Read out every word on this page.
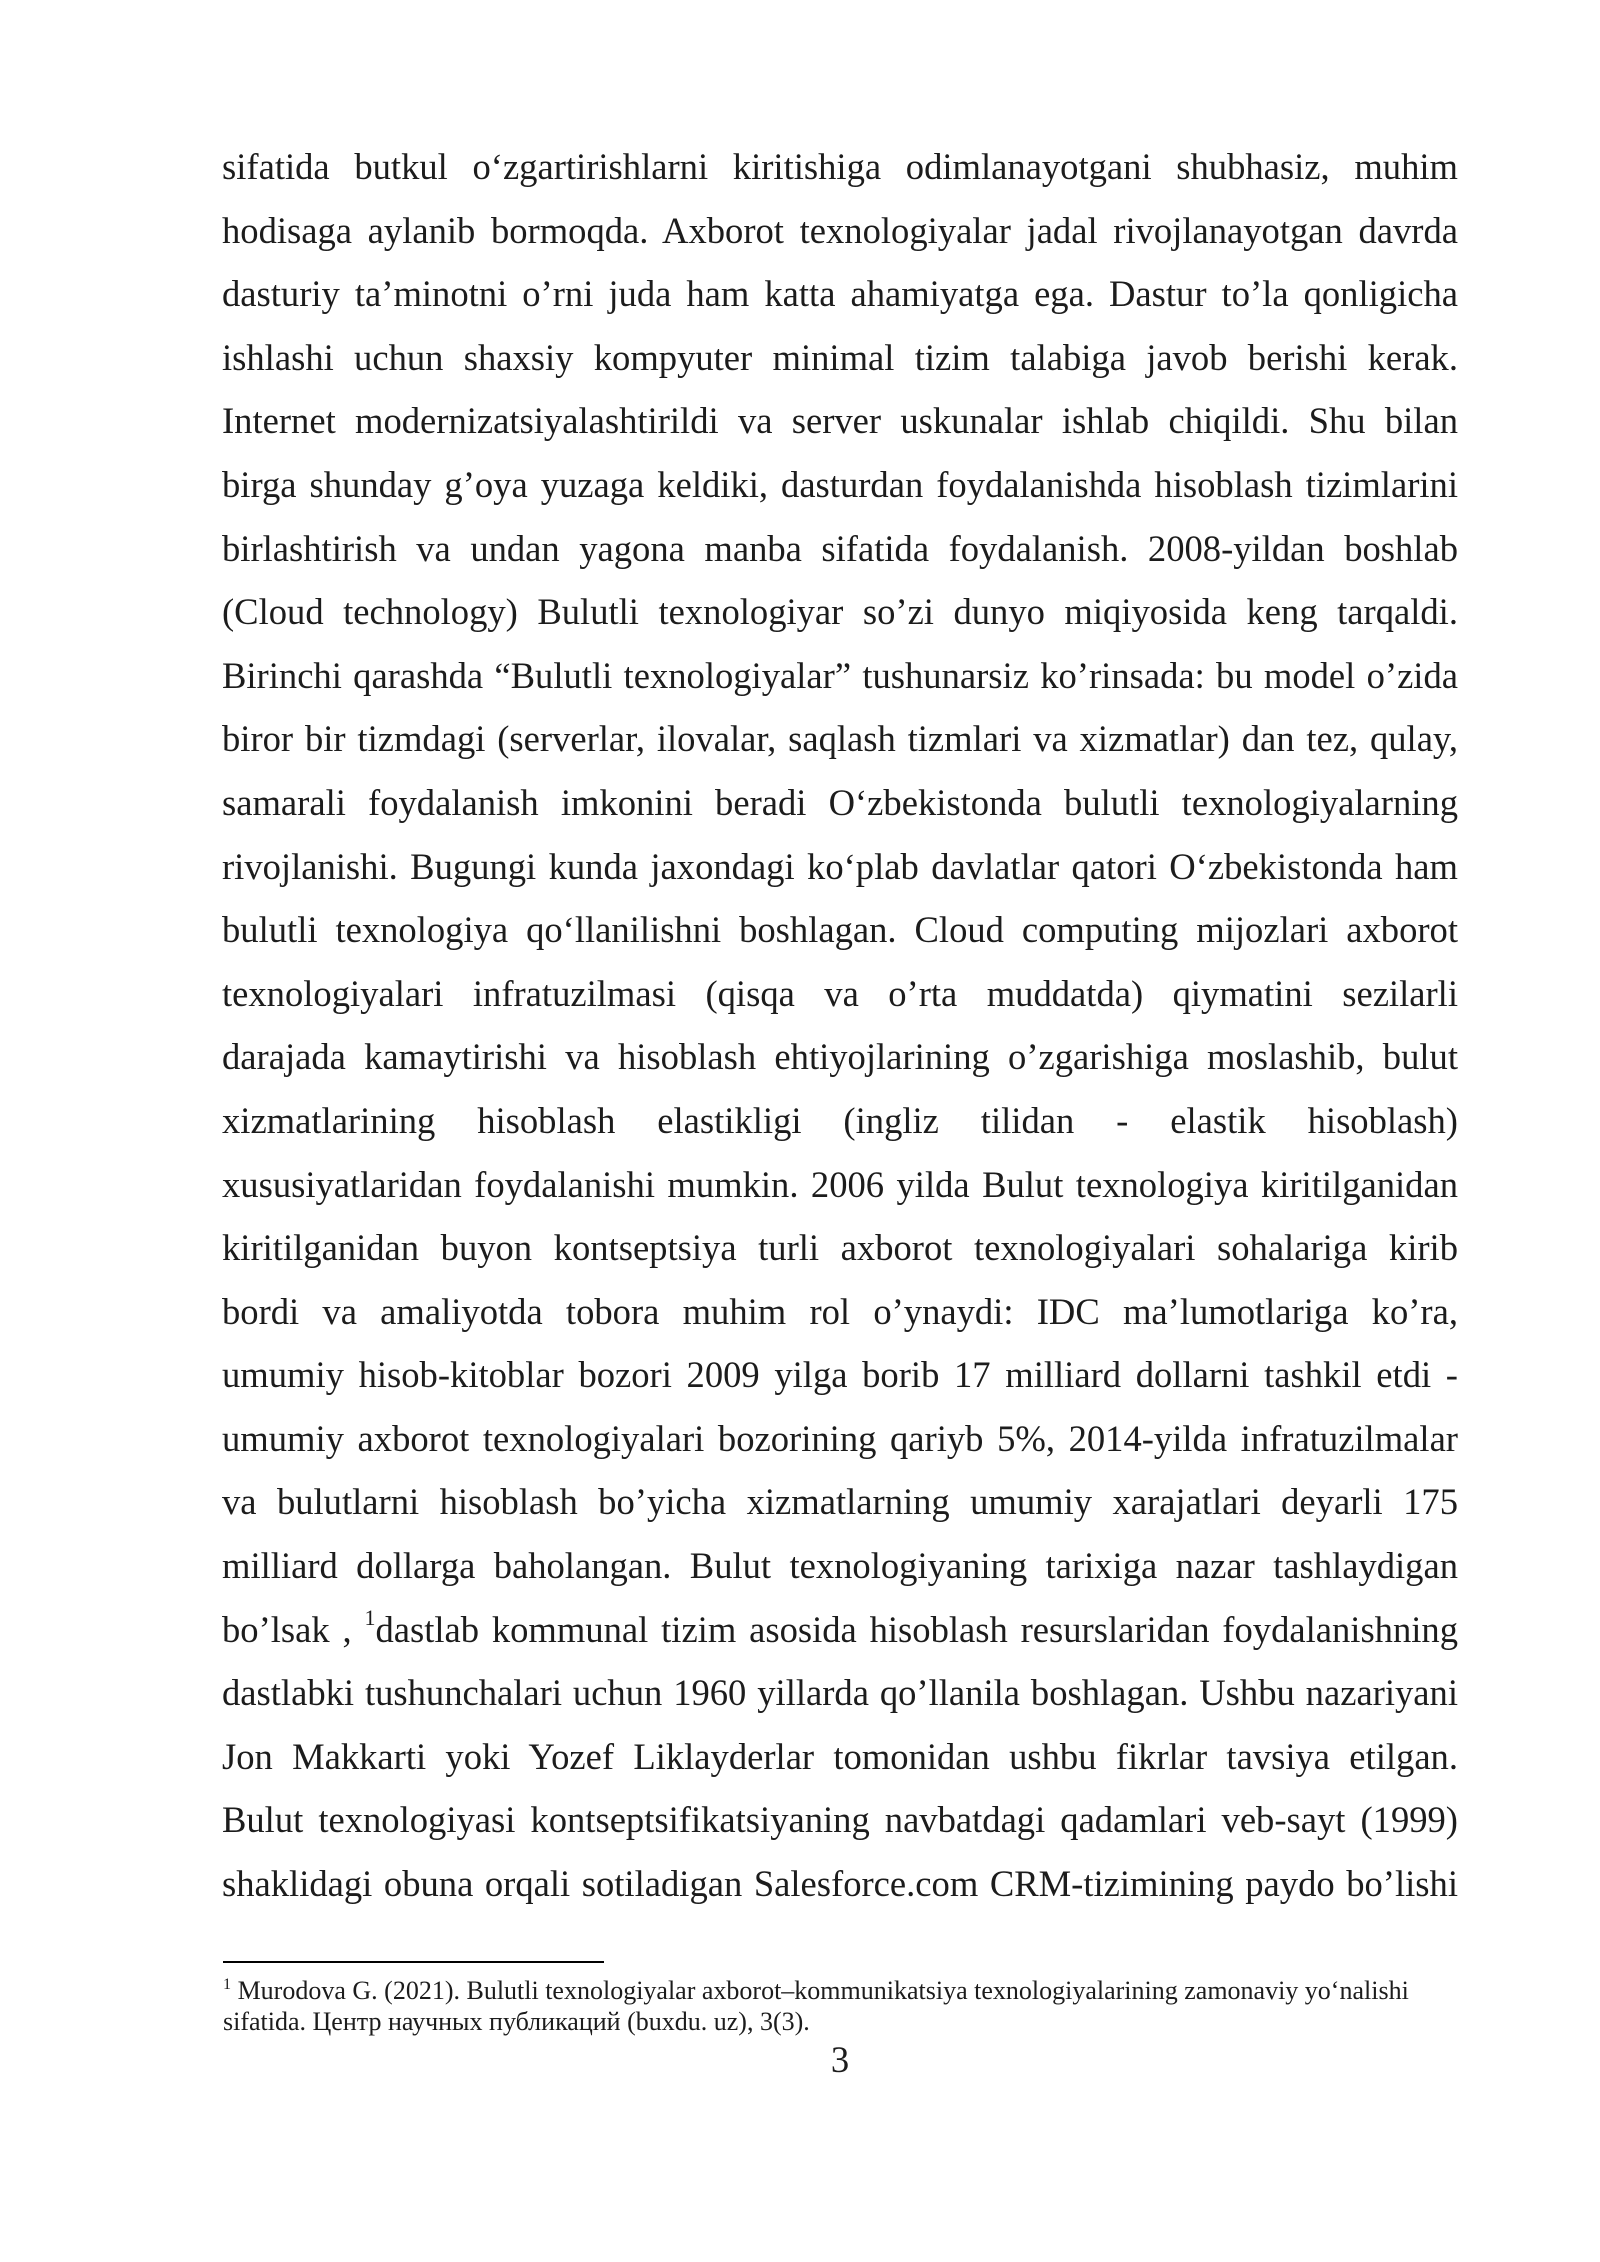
sifatida butkul o‘zgartirishlarni kiritishiga odimlanayotgani shubhasiz, muhim
hodisaga aylanib bormoqda. Axborot texnologiyalar jadal rivojlanayotgan davrda
dasturiy ta’minotni o’rni juda ham katta ahamiyatga ega. Dastur to’la qonligicha
ishlashi uchun shaxsiy kompyuter minimal tizim talabiga javob berishi kerak.
Internet modernizatsiyalashtirildi va server uskunalar ishlab chiqildi. Shu bilan
birga shunday g’oya yuzaga keldiki, dasturdan foydalanishda hisoblash tizimlarini
birlashtirish va undan yagona manba sifatida foydalanish. 2008-yildan boshlab
(Cloud technology) Bulutli texnologiyar so’zi dunyo miqiyosida keng tarqaldi.
Birinchi qarashda “Bulutli texnologiyalar” tushunarsiz ko’rinsada: bu model o’zida
biror bir tizmdagi (serverlar, ilovalar, saqlash tizmlari va xizmatlar) dan tez, qulay,
samarali foydalanish imkonini beradi O‘zbekistonda bulutli texnologiyalarning
rivojlanishi. Bugungi kunda jaxondagi ko‘plab davlatlar qatori O‘zbekistonda ham
bulutli texnologiya qo‘llanilishni boshlagan. Cloud computing mijozlari axborot
texnologiyalari infratuzilmasi (qisqa va o’rta muddatda) qiymatini sezilarli
darajada kamaytirishi va hisoblash ehtiyojlarining o’zgarishiga moslashib, bulut
xizmatlarining hisoblash elastikligi (ingliz tilidan - elastik hisoblash)
xususiyatlaridan foydalanishi mumkin. 2006 yilda Bulut texnologiya kiritilganidan
kiritilganidan buyon kontseptsiya turli axborot texnologiyalari sohalariga kirib
bordi va amaliyotda tobora muhim rol o’ynaydi: IDC ma’lumotlariga ko’ra,
umumiy hisob-kitoblar bozori 2009 yilga borib 17 milliard dollarni tashkil etdi -
umumiy axborot texnologiyalari bozorining qariyb 5%, 2014-yilda infratuzilmalar
va bulutlarni hisoblash bo’yicha xizmatlarning umumiy xarajatlari deyarli 175
milliard dollarga baholangan. Bulut texnologiyaning tarixiga nazar tashlaydigan
bo’lsak , $^1$dastlab kommunal tizim asosida hisoblash resurslaridan foydalanishning
dastlabki tushunchalari uchun 1960 yillarda qo’llanila boshlagan. Ushbu nazariyani
Jon Makkarti yoki Yozef Liklayderlar tomonidan ushbu fikrlar tavsiya etilgan.
Bulut texnologiyasi kontseptsifikatsiyaning navbatdagi qadamlari veb-sayt (1999)
shaklidagi obuna orqali sotiladigan Salesforce.com CRM-tizimining paydo bo’lishi
$^1$ Murodova G. (2021). Bulutli texnologiyalar axborot–kommunikatsiya texnologiyalarining zamonaviy yo‘nalishi
sifatida. Центр научных публикаций (buxdu. uz), 3(3).
3
